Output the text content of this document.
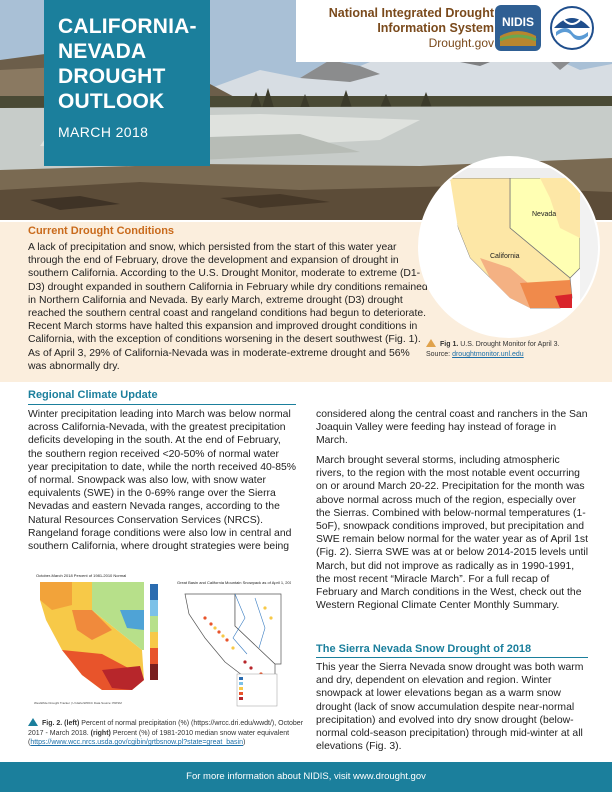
CALIFORNIA-
NEVADA
DROUGHT
OUTLOOK
MARCH 2018
National Integrated Drought
Information System
Drought.gov
NIDIS
Current Drought Conditions
A lack of precipitation and snow, which persisted from the start of this water year through the end of February, drove the development and expansion of drought in southern California. According to the U.S. Drought Monitor, moderate to extreme (D1-D3) drought expanded in southern California in February while dry conditions remained in Northern California and Nevada. By early March, extreme drought (D3) drought reached the southern central coast and rangeland conditions had begun to deteriorate. Recent March storms have halted this expansion and improved drought conditions in California, with the exception of conditions worsening in the desert southwest (Fig. 1). As of April 3, 29% of California-Nevada was in moderate-extreme drought and 56% was abnormally dry.
Nevada
California
Fig 1. U.S. Drought Monitor for April 3.
Source: droughtmonitor.unl.edu
Regional Climate Update
Winter precipitation leading into March was below normal across California-Nevada, with the greatest precipitation deficits developing in the south. At the end of February, the southern region received <20-50% of normal water year precipitation to date, while the north received 40-85% of normal. Snowpack was also low, with snow water equivalents (SWE) in the 0-69% range over the Sierra Nevadas and eastern Nevada ranges, according to the Natural Resources Conservation Services (NRCS). Rangeland forage conditions were also low in central and southern California, where drought strategies were being
considered along the central coast and ranchers in the San Joaquin Valley were feeding hay instead of forage in March.
March brought several storms, including atmospheric rivers, to the region with the most notable event occurring on or around March 20-22. Precipitation for the month was above normal across much of the region, especially over the Sierras. Combined with below-normal temperatures (1-5oF), snowpack conditions improved, but precipitation and SWE remain below normal for the water year as of April 1st (Fig. 2). Sierra SWE was at or below 2014-2015 levels until March, but did not improve as radically as in 1990-1991, the most recent “Miracle March”. For a full recap of February and March conditions in the West, check out the Western Regional Climate Center Monthly Summary.
The Sierra Nevada Snow Drought of 2018
This year the Sierra Nevada snow drought was both warm and dry, dependent on elevation and region. Winter snowpack at lower elevations began as a warm snow drought (lack of snow accumulation despite near-normal precipitation) and evolved into dry snow drought (below-normal cold-season precipitation) through mid-winter at all elevations (Fig. 3).
October-March 2018 Percent of 1981-2010 Normal
WestWide Drought Tracker | U Idaho/WRCC Data Source: PRISM
Great Basin and California Mountain Snowpack as of April 1, 2018
Fig. 2. (left) Percent of normal precipitation (%) (https://wrcc.dri.edu/wwdt/), October 2017 - March 2018. (right) Percent (%) of 1981-2010 median snow water equivalent (https://www.wcc.nrcs.usda.gov/cgibin/grtbsnow.pl?state=great_basin)
For more information about NIDIS, visit www.drought.gov
